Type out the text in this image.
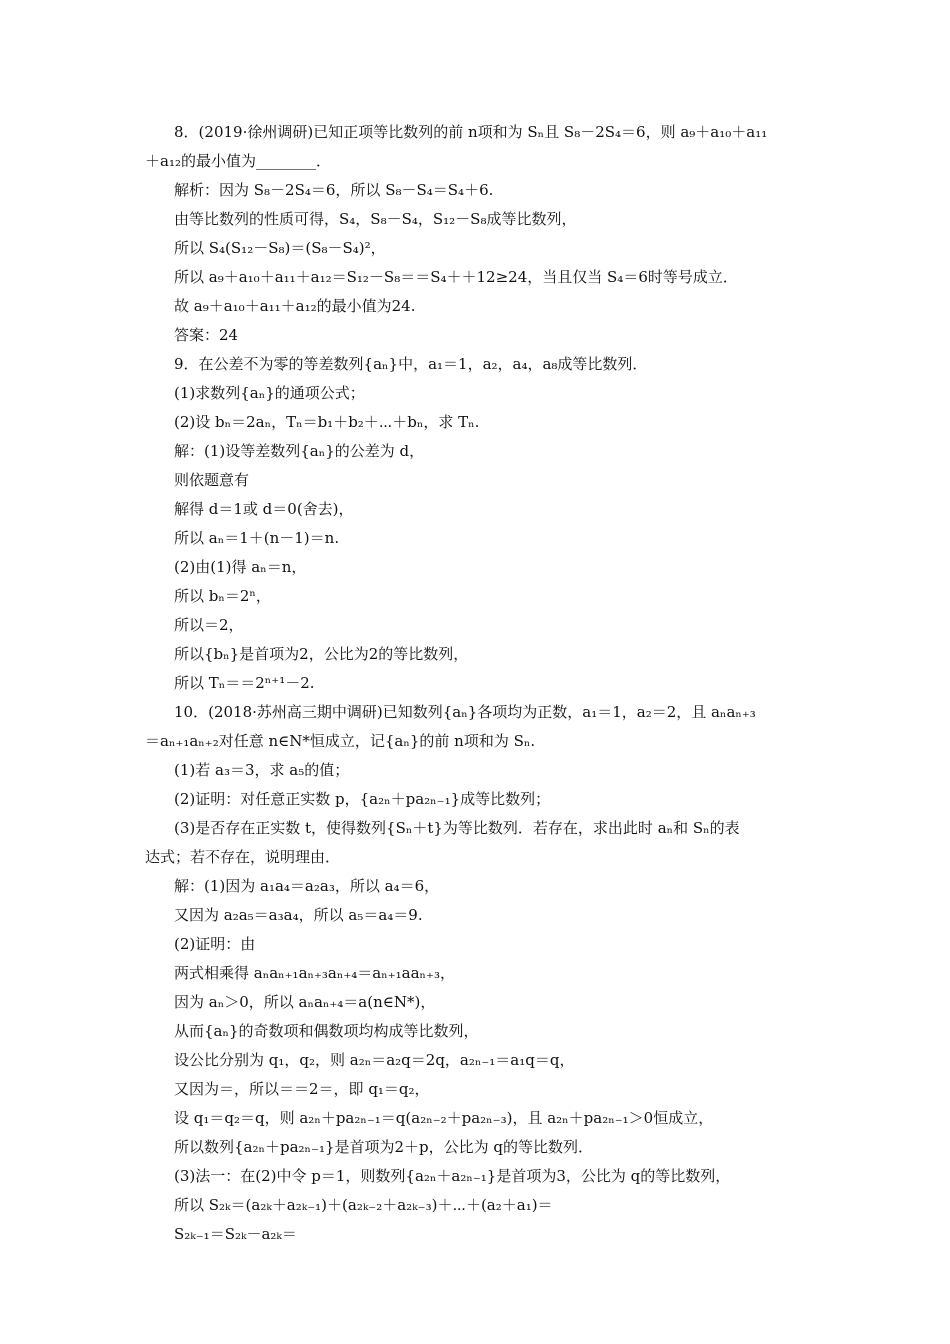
8．(2019·徐州调研)已知正项等比数列的前 n项和为 Sₙ且 S₈－2S₄＝6，则 a₉＋a₁₀＋a₁₁
＋a₁₂的最小值为________．
解析：因为 S₈－2S₄＝6，所以 S₈－S₄＝S₄＋6.
由等比数列的性质可得，S₄，S₈－S₄，S₁₂－S₈成等比数列，
所以 S₄(S₁₂－S₈)＝(S₈－S₄)²，
所以 a₉＋a₁₀＋a₁₁＋a₁₂＝S₁₂－S₈＝＝S₄＋＋12≥24，当且仅当 S₄＝6时等号成立．
故 a₉＋a₁₀＋a₁₁＋a₁₂的最小值为24.
答案：24
9．在公差不为零的等差数列{aₙ}中，a₁＝1，a₂，a₄，a₈成等比数列．
(1)求数列{aₙ}的通项公式；
(2)设 bₙ＝2aₙ，Tₙ＝b₁＋b₂＋⋯＋bₙ，求 Tₙ.
解：(1)设等差数列{aₙ}的公差为 d，
则依题意有
解得 d＝1或 d＝0(舍去)，
所以 aₙ＝1＋(n－1)＝n.
(2)由(1)得 aₙ＝n，
所以 bₙ＝2ⁿ，
所以＝2，
所以{bₙ}是首项为2，公比为2的等比数列，
所以 Tₙ＝＝2ⁿ⁺¹－2.
10．(2018·苏州高三期中调研)已知数列{aₙ}各项均为正数，a₁＝1，a₂＝2，且 aₙaₙ₊₃
＝aₙ₊₁aₙ₊₂对任意 n∈N*恒成立，记{aₙ}的前 n项和为 Sₙ.
(1)若 a₃＝3，求 a₅的值；
(2)证明：对任意正实数 p，{a₂ₙ＋pa₂ₙ₋₁}成等比数列；
(3)是否存在正实数 t，使得数列{Sₙ＋t}为等比数列．若存在，求出此时 aₙ和 Sₙ的表
达式；若不存在，说明理由．
解：(1)因为 a₁a₄＝a₂a₃，所以 a₄＝6，
又因为 a₂a₅＝a₃a₄，所以 a₅＝a₄＝9.
(2)证明：由
两式相乘得 aₙaₙ₊₁aₙ₊₃aₙ₊₄＝aₙ₊₁aaₙ₊₃，
因为 aₙ＞0，所以 aₙaₙ₊₄＝a(n∈N*)，
从而{aₙ}的奇数项和偶数项均构成等比数列，
设公比分别为 q₁，q₂，则 a₂ₙ＝a₂q＝2q，a₂ₙ₋₁＝a₁q＝q，
又因为＝，所以＝＝2＝，即 q₁＝q₂，
设 q₁＝q₂＝q，则 a₂ₙ＋pa₂ₙ₋₁＝q(a₂ₙ₋₂＋pa₂ₙ₋₃)，且 a₂ₙ＋pa₂ₙ₋₁＞0恒成立，
所以数列{a₂ₙ＋pa₂ₙ₋₁}是首项为2＋p，公比为 q的等比数列．
(3)法一：在(2)中令 p＝1，则数列{a₂ₙ＋a₂ₙ₋₁}是首项为3，公比为 q的等比数列，
所以 S₂ₖ＝(a₂ₖ＋a₂ₖ₋₁)＋(a₂ₖ₋₂＋a₂ₖ₋₃)＋⋯＋(a₂＋a₁)＝
S₂ₖ₋₁＝S₂ₖ－a₂ₖ＝
